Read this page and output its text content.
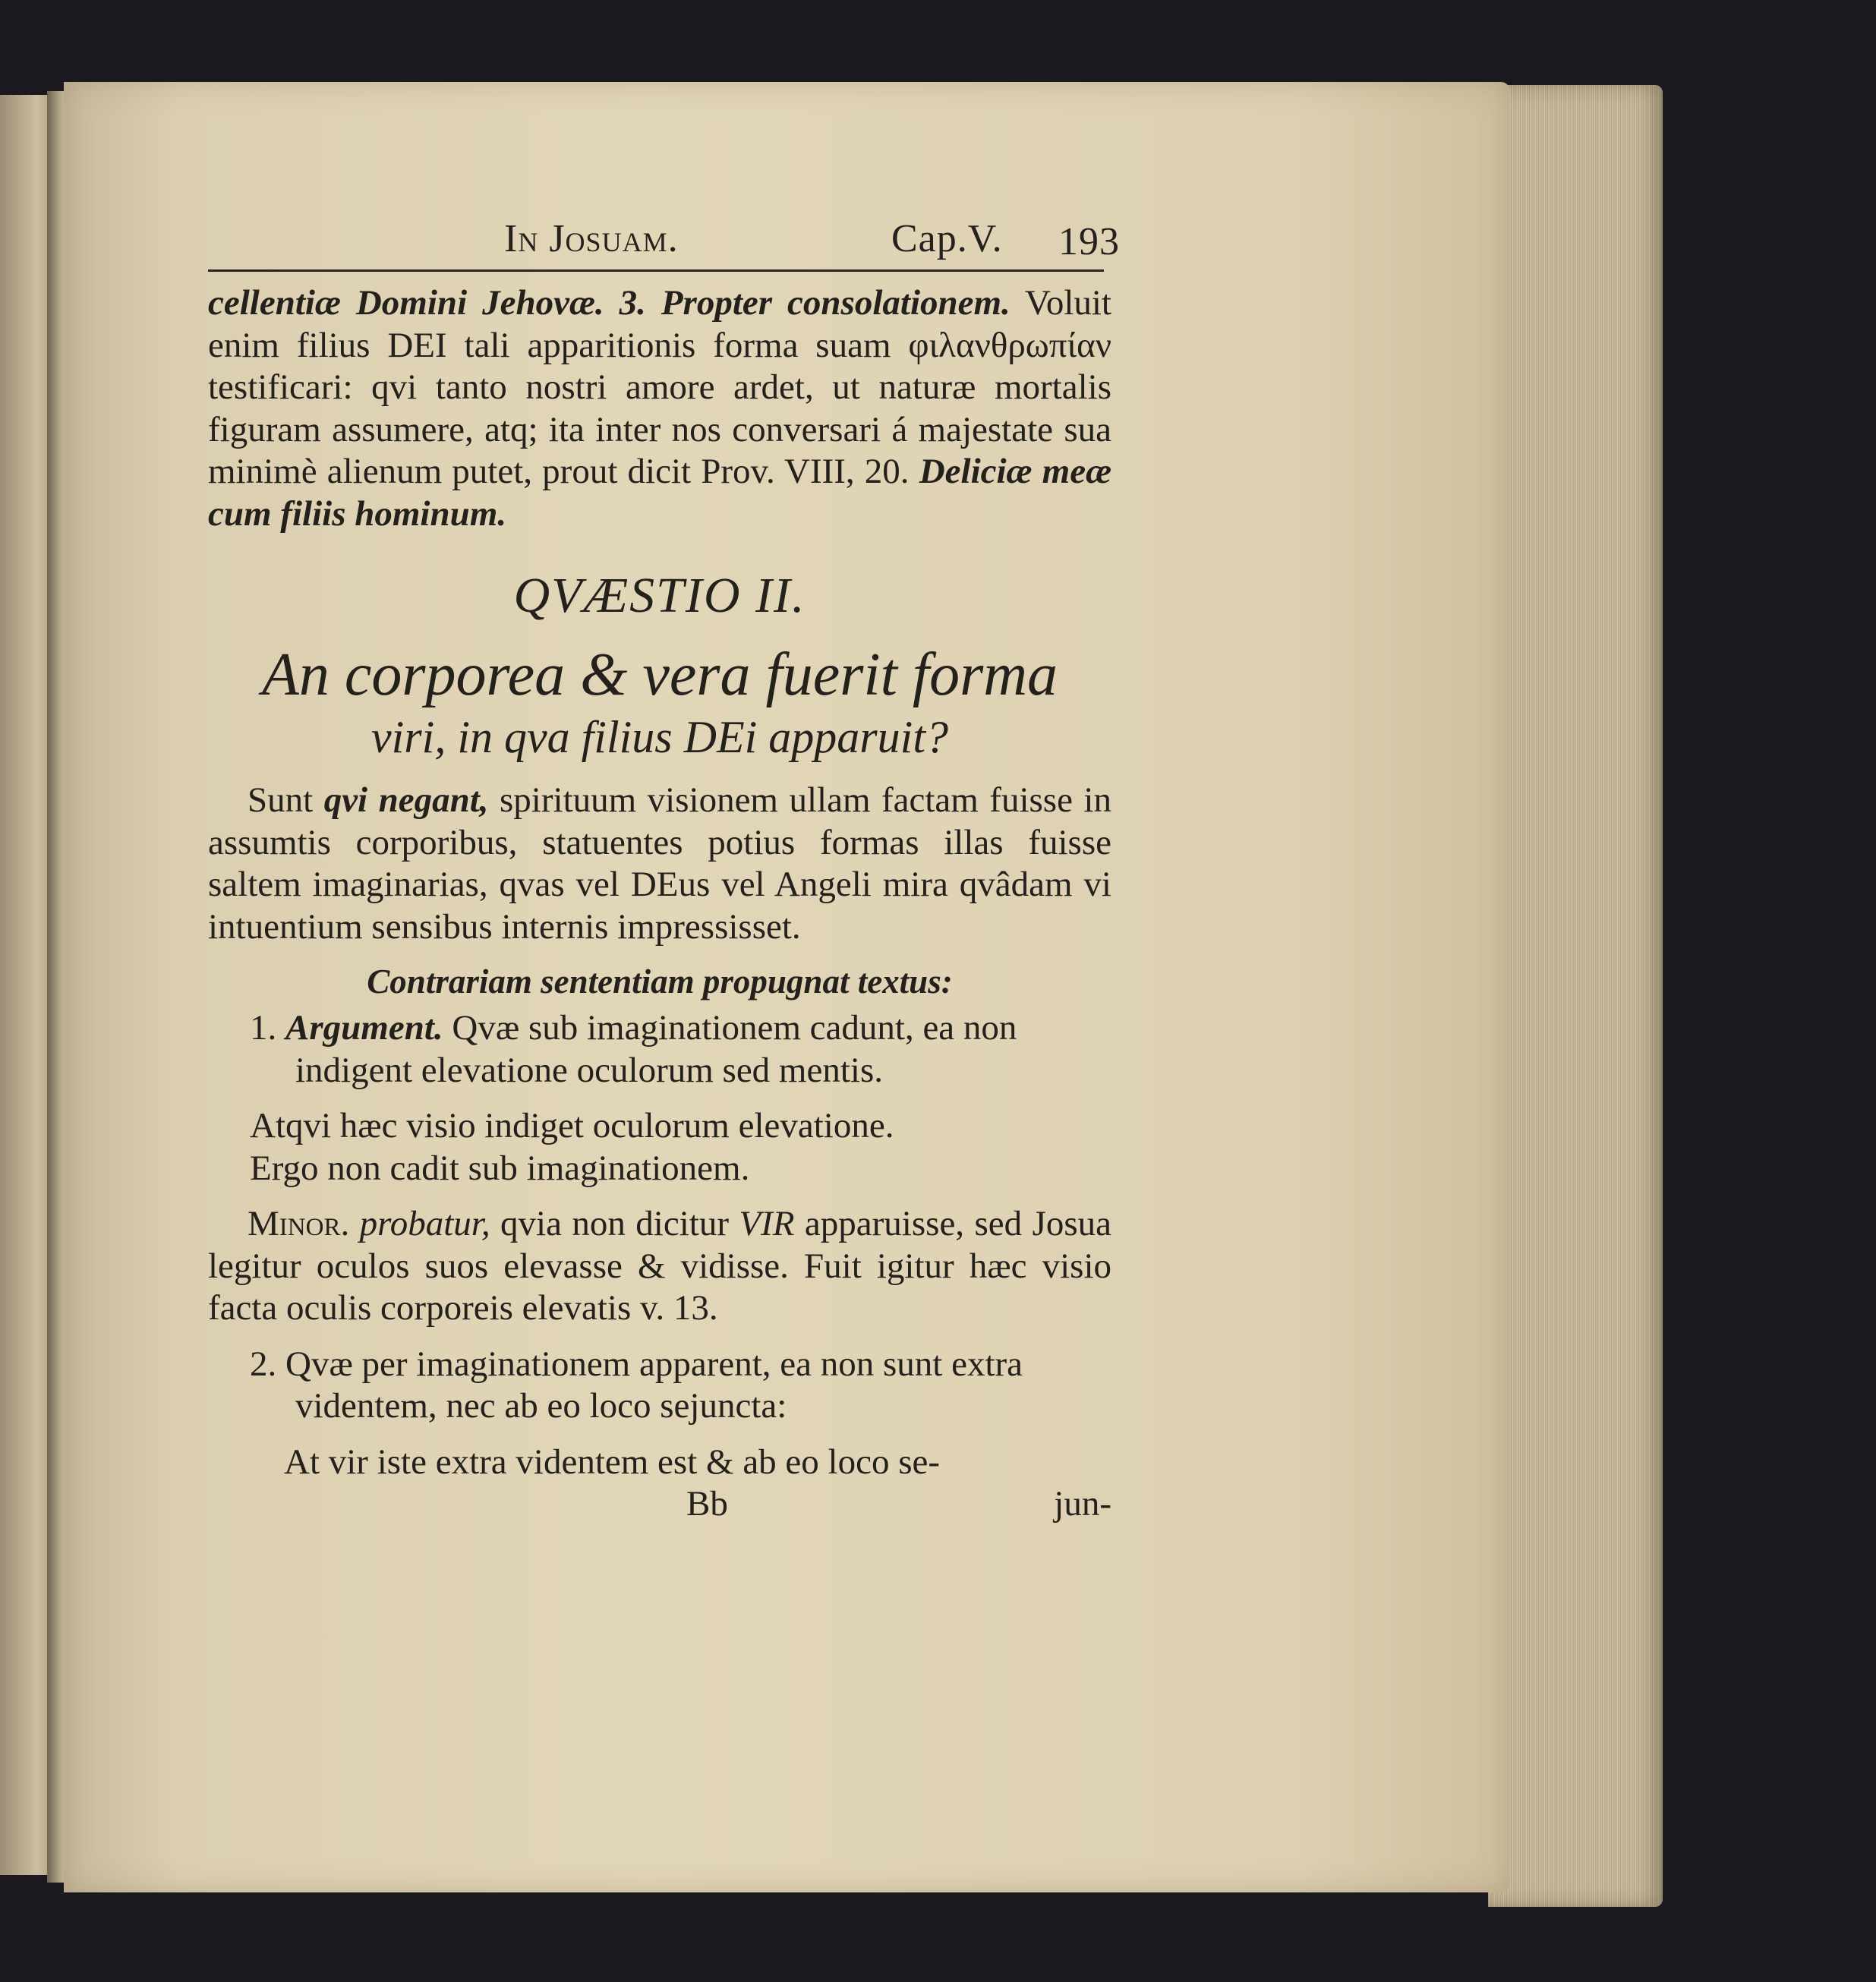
In Josuam.	Cap.V. 193

cellentiæ Domini Jehovæ. 3. Propter consolationem. Voluit enim filius DEI tali apparitionis forma suam φιλανθρωπίαν testificari: qvi tanto nostri amore ardet, ut naturæ mortalis figuram assumere, atq; ita inter nos conversari á majestate sua minimè alienum putet, prout dicit Prov. VIII, 20. Deliciæ meæ cum filiis hominum.

QVÆSTIO II.
An corporea & vera fuerit forma
viri, in qva filius DEi apparuit?

Sunt qvi negant, spirituum visionem ullam factam fuisse in assumtis corporibus, statuentes potius formas illas fuisse saltem imaginarias, qvas vel DEus vel Angeli mira qvâdam vi intuentium sensibus internis impressisset.

Contrariam sententiam propugnat textus:

1. Argument. Qvæ sub imaginationem cadunt, ea non indigent elevatione oculorum sed mentis.

Atqvi hæc visio indiget oculorum elevatione.

Ergo non cadit sub imaginationem.

Minor. probatur, qvia non dicitur VIR apparuisse, sed Josua legitur oculos suos elevasse & vidisse. Fuit igitur hæc visio facta oculis corporeis elevatis v. 13.

2. Qvæ per imaginationem apparent, ea non sunt extra videntem, nec ab eo loco sejuncta:

At vir iste extra videntem est & ab eo loco se-

Bb	jun-
